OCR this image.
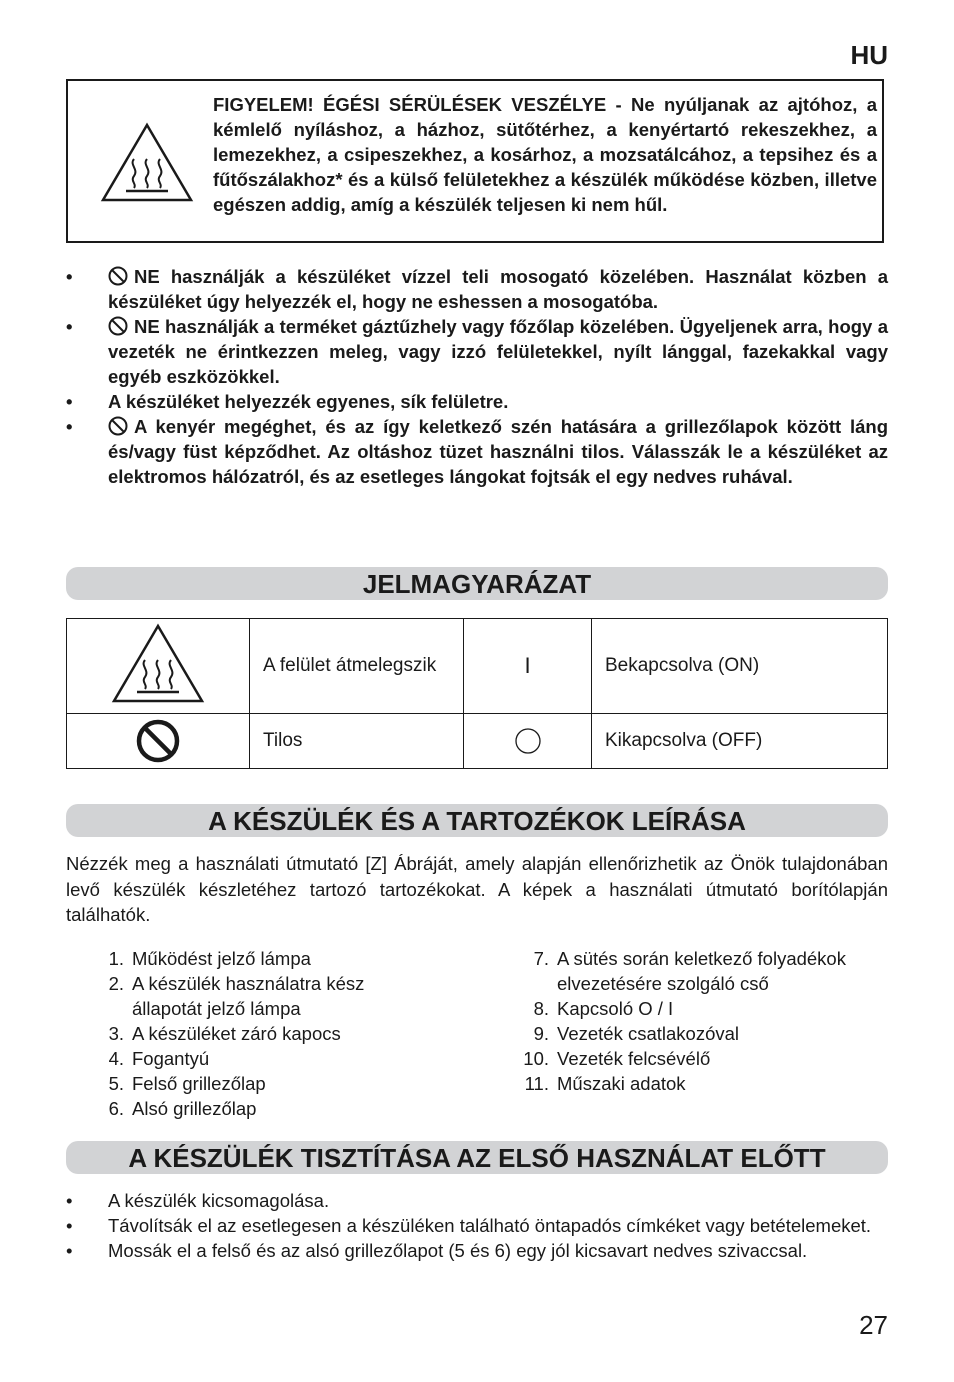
HU
FIGYELEM! ÉGÉSI SÉRÜLÉSEK VESZÉLYE - Ne nyúljanak az ajtóhoz, a kémlelő nyíláshoz, a házhoz, sütőtérhez, a kenyértartó rekeszekhez, a lemezekhez, a csipeszekhez, a kosárhoz, a mozsatálcához, a tepsihez és a fűtőszálakhoz* és a külső felületekhez a készülék működése közben, illetve egészen addig, amíg a készülék teljesen ki nem hűl.
•	NE használják a készüléket vízzel teli mosogató közelében. Használat közben a készüléket úgy helyezzék el, hogy ne eshessen a mosogatóba.
•	NE használják a terméket gáztűzhely vagy főzőlap közelében. Ügyeljenek arra, hogy a vezeték ne érintkezzen meleg, vagy izzó felületekkel, nyílt lánggal, fazekakkal vagy egyéb eszközökkel.
• A készüléket helyezzék egyenes, sík felületre.
•	A kenyér megéghet, és az így keletkező szén hatására a grillezőlapok között láng és/vagy füst képződhet. Az oltáshoz tüzet használni tilos. Válasszák le a készüléket az elektromos hálózatról, és az esetleges lángokat fojtsák el egy nedves ruhával.
JELMAGYARÁZAT
	A felület átmelegszik	I	Bekapcsolva (ON)
	Tilos		Kikapcsolva (OFF)
A KÉSZÜLÉK ÉS A TARTOZÉKOK LEÍRÁSA
Nézzék meg a használati útmutató [Z] Ábráját, amely alapján ellenőrizhetik az Önök tulajdonában levő készülék készletéhez tartozó tartozékokat. A képek a használati útmutató borítólapján találhatók.
1. Működést jelző lámpa
2. A készülék használatra kész állapotát jelző lámpa
3. A készüléket záró kapocs
4. Fogantyú
5. Felső grillezőlap
6. Alsó grillezőlap
7. A sütés során keletkező folyadékok elvezetésére szolgáló cső
8. Kapcsoló O / I
9. Vezeték csatlakozóval
10. Vezeték felcsévélő
11. Műszaki adatok
A KÉSZÜLÉK TISZTÍTÁSA AZ ELSŐ HASZNÁLAT ELŐTT
• A készülék kicsomagolása.
• Távolítsák el az esetlegesen a készüléken található öntapadós címkéket vagy betételemeket.
• Mossák el a felső és az alsó grillezőlapot (5 és 6) egy jól kicsavart nedves szivaccsal.
27
